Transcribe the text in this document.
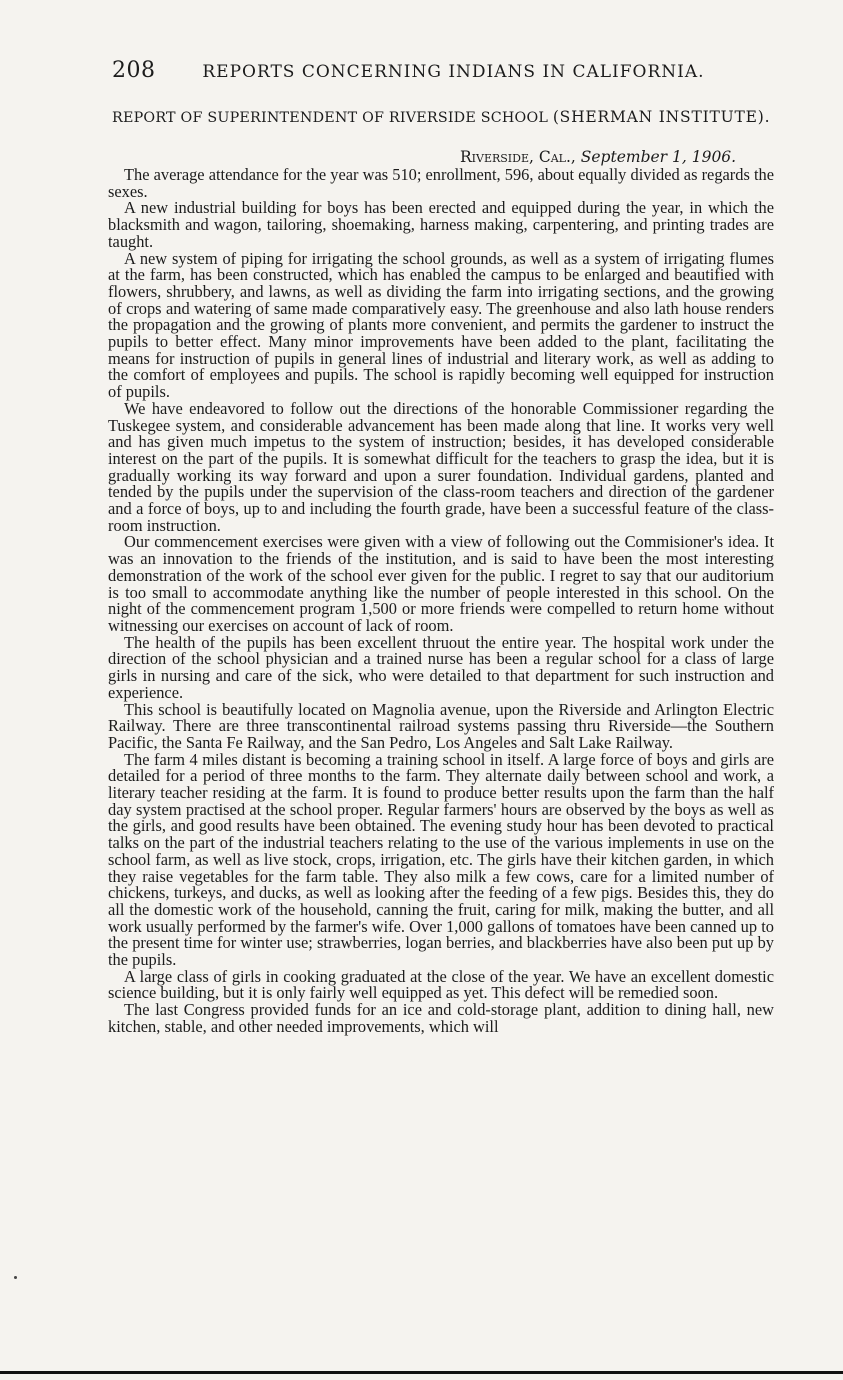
208	REPORTS CONCERNING INDIANS IN CALIFORNIA.
REPORT OF SUPERINTENDENT OF RIVERSIDE SCHOOL (SHERMAN INSTITUTE).
Riverside, Cal., September 1, 1906.

The average attendance for the year was 510; enrollment, 596, about equally divided as regards the sexes.

A new industrial building for boys has been erected and equipped during the year, in which the blacksmith and wagon, tailoring, shoemaking, harness making, carpentering, and printing trades are taught.

A new system of piping for irrigating the school grounds, as well as a system of irrigating flumes at the farm, has been constructed, which has enabled the campus to be enlarged and beautified with flowers, shrubbery, and lawns, as well as dividing the farm into irrigating sections, and the growing of crops and watering of same made comparatively easy. The greenhouse and also lath house renders the propagation and the growing of plants more convenient, and permits the gardener to instruct the pupils to better effect. Many minor improvements have been added to the plant, facilitating the means for instruction of pupils in general lines of industrial and literary work, as well as adding to the comfort of employees and pupils. The school is rapidly becoming well equipped for instruction of pupils.

We have endeavored to follow out the directions of the honorable Commissioner regarding the Tuskegee system, and considerable advancement has been made along that line. It works very well and has given much impetus to the system of instruction; besides, it has developed considerable interest on the part of the pupils. It is somewhat difficult for the teachers to grasp the idea, but it is gradually working its way forward and upon a surer foundation. Individual gardens, planted and tended by the pupils under the supervision of the class-room teachers and direction of the gardener and a force of boys, up to and including the fourth grade, have been a successful feature of the class-room instruction.

Our commencement exercises were given with a view of following out the Commisioner's idea. It was an innovation to the friends of the institution, and is said to have been the most interesting demonstration of the work of the school ever given for the public. I regret to say that our auditorium is too small to accommodate anything like the number of people interested in this school. On the night of the commencement program 1,500 or more friends were compelled to return home without witnessing our exercises on account of lack of room.

The health of the pupils has been excellent thruout the entire year. The hospital work under the direction of the school physician and a trained nurse has been a regular school for a class of large girls in nursing and care of the sick, who were detailed to that department for such instruction and experience.

This school is beautifully located on Magnolia avenue, upon the Riverside and Arlington Electric Railway. There are three transcontinental railroad systems passing thru Riverside—the Southern Pacific, the Santa Fe Railway, and the San Pedro, Los Angeles and Salt Lake Railway.

The farm 4 miles distant is becoming a training school in itself. A large force of boys and girls are detailed for a period of three months to the farm. They alternate daily between school and work, a literary teacher residing at the farm. It is found to produce better results upon the farm than the half day system practised at the school proper. Regular farmers' hours are observed by the boys as well as the girls, and good results have been obtained. The evening study hour has been devoted to practical talks on the part of the industrial teachers relating to the use of the various implements in use on the school farm, as well as live stock, crops, irrigation, etc. The girls have their kitchen garden, in which they raise vegetables for the farm table. They also milk a few cows, care for a limited number of chickens, turkeys, and ducks, as well as looking after the feeding of a few pigs. Besides this, they do all the domestic work of the household, canning the fruit, caring for milk, making the butter, and all work usually performed by the farmer's wife. Over 1,000 gallons of tomatoes have been canned up to the present time for winter use; strawberries, logan berries, and blackberries have also been put up by the pupils.

A large class of girls in cooking graduated at the close of the year. We have an excellent domestic science building, but it is only fairly well equipped as yet. This defect will be remedied soon.

The last Congress provided funds for an ice and cold-storage plant, addition to dining hall, new kitchen, stable, and other needed improvements, which will
